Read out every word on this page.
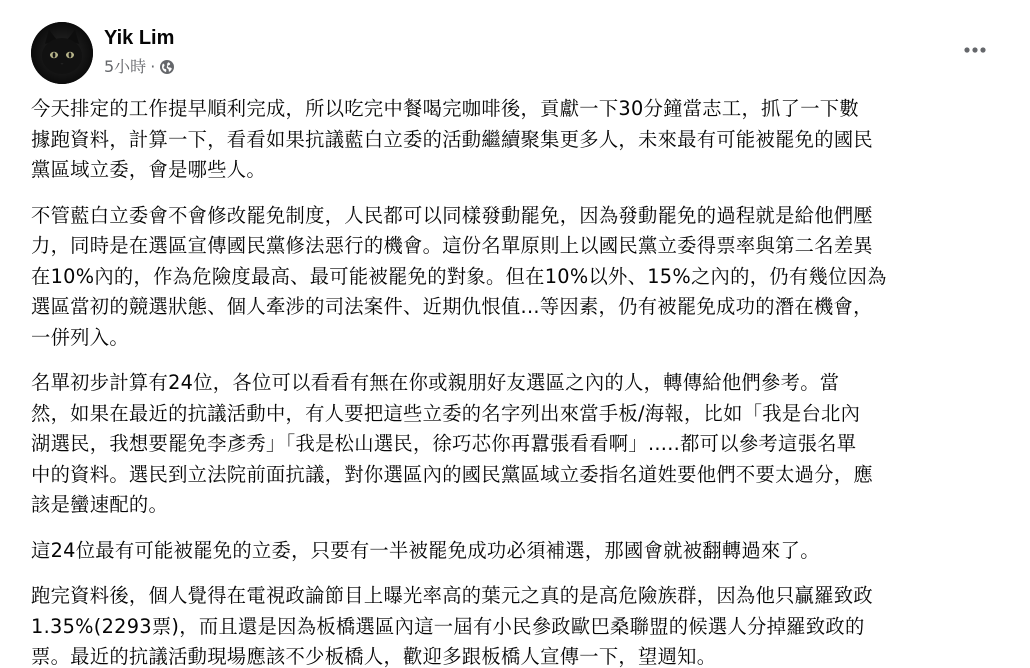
Yik Lim
5小時 ·

今天排定的工作提早順利完成，所以吃完中餐喝完咖啡後，貢獻一下30分鐘當志工，抓了一下數
據跑資料，計算一下，看看如果抗議藍白立委的活動繼續聚集更多人，未來最有可能被罷免的國民
黨區域立委，會是哪些人。

不管藍白立委會不會修改罷免制度，人民都可以同樣發動罷免，因為發動罷免的過程就是給他們壓
力，同時是在選區宣傳國民黨修法惡行的機會。這份名單原則上以國民黨立委得票率與第二名差異
在10%內的，作為危險度最高、最可能被罷免的對象。但在10%以外、15%之內的，仍有幾位因為
選區當初的競選狀態、個人牽涉的司法案件、近期仇恨值...等因素，仍有被罷免成功的潛在機會，
一併列入。

名單初步計算有24位，各位可以看看有無在你或親朋好友選區之內的人，轉傳給他們參考。當
然，如果在最近的抗議活動中，有人要把這些立委的名字列出來當手板/海報，比如「我是台北內
湖選民，我想要罷免李彥秀」「我是松山選民，徐巧芯你再囂張看看啊」.....都可以參考這張名單
中的資料。選民到立法院前面抗議，對你選區內的國民黨區域立委指名道姓要他們不要太過分，應
該是蠻速配的。

這24位最有可能被罷免的立委，只要有一半被罷免成功必須補選，那國會就被翻轉過來了。

跑完資料後，個人覺得在電視政論節目上曝光率高的葉元之真的是高危險族群，因為他只贏羅致政
1.35%(2293票)，而且還是因為板橋選區內這一屆有小民參政歐巴桑聯盟的候選人分掉羅致政的
票。最近的抗議活動現場應該不少板橋人，歡迎多跟板橋人宣傳一下，望週知。
